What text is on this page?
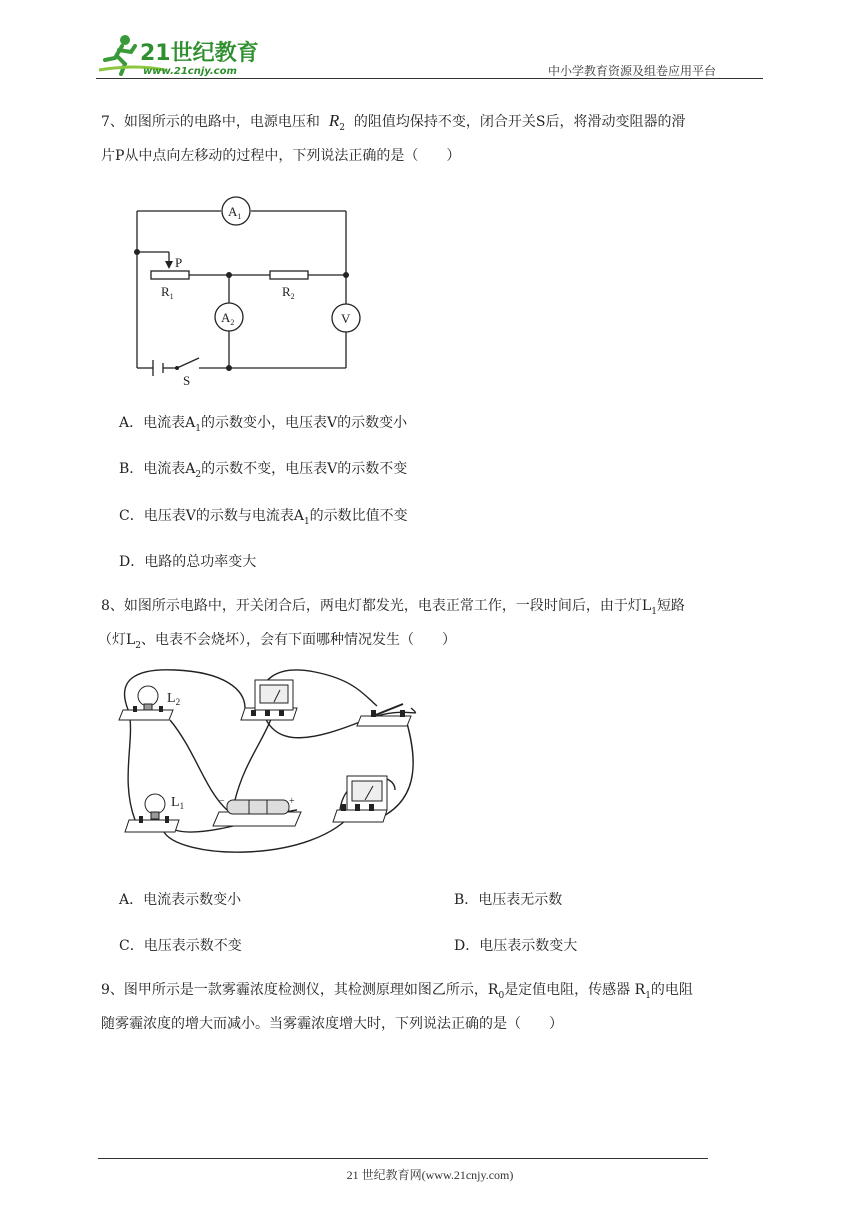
21世纪教育
www.21cnjy.com	中小学教育资源及组卷应用平台
7、如图所示的电路中，电源电压和 $R_2$ 的阻值均保持不变，闭合开关S后，将滑动变阻器的滑
片P从中点向左移动的过程中，下列说法正确的是（　　）
$A_1$
$A_2$	V
P
$R_1$	$R_2$
S
A．电流表$A_1$的示数变小，电压表V的示数变小
B．电流表$A_2$的示数不变，电压表V的示数不变
C．电压表V的示数与电流表$A_1$的示数比值不变
D．电路的总功率变大
8、如图所示电路中，开关闭合后，两电灯都发光，电表正常工作，一段时间后，由于灯$L_1$短路
（灯$L_2$、电表不会烧坏），会有下面哪种情况发生（　　）
$L_2$
$L_1$	−	+
A．电流表示数变小	B．电压表无示数
C．电压表示数不变	D．电压表示数变大
9、图甲所示是一款雾霾浓度检测仪，其检测原理如图乙所示，$R_0$是定值电阻，传感器 $R_1$的电阻
随雾霾浓度的增大而减小。当雾霾浓度增大时，下列说法正确的是（　　）
21 世纪教育网(www.21cnjy.com)
